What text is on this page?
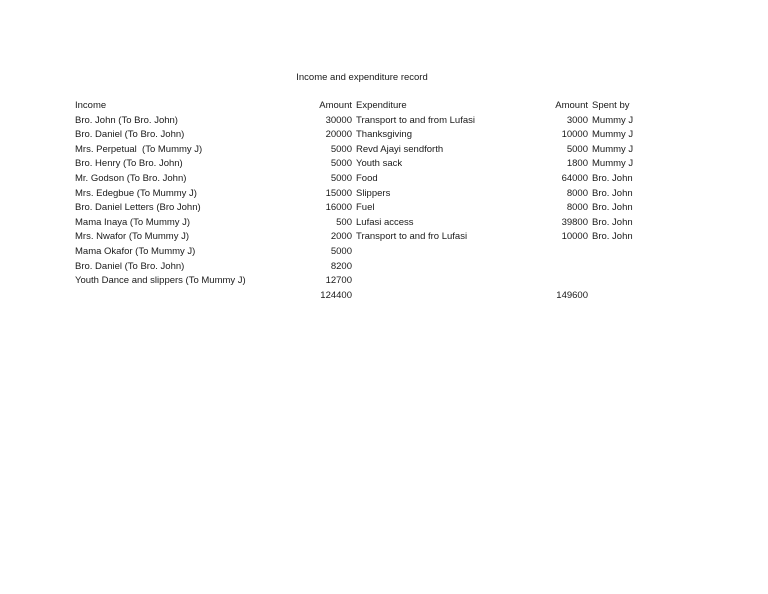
Income and expenditure record
Income	Amount	Expenditure	Amount	Spent by
Bro. John (To Bro. John)	30000	Transport to and from Lufasi	3000	Mummy J
Bro. Daniel (To Bro. John)	20000	Thanksgiving	10000	Mummy J
Mrs. Perpetual  (To Mummy J)	5000	Revd Ajayi sendforth	5000	Mummy J
Bro. Henry (To Bro. John)	5000	Youth sack	1800	Mummy J
Mr. Godson (To Bro. John)	5000	Food	64000	Bro. John
Mrs. Edegbue (To Mummy J)	15000	Slippers	8000	Bro. John
Bro. Daniel Letters (Bro John)	16000	Fuel	8000	Bro. John
Mama Inaya (To Mummy J)	500	Lufasi access	39800	Bro. John
Mrs. Nwafor (To Mummy J)	2000	Transport to and fro Lufasi	10000	Bro. John
Mama Okafor (To Mummy J)	5000			
Bro. Daniel (To Bro. John)	8200			
Youth Dance and slippers (To Mummy J)	12700			
	124400		149600	
